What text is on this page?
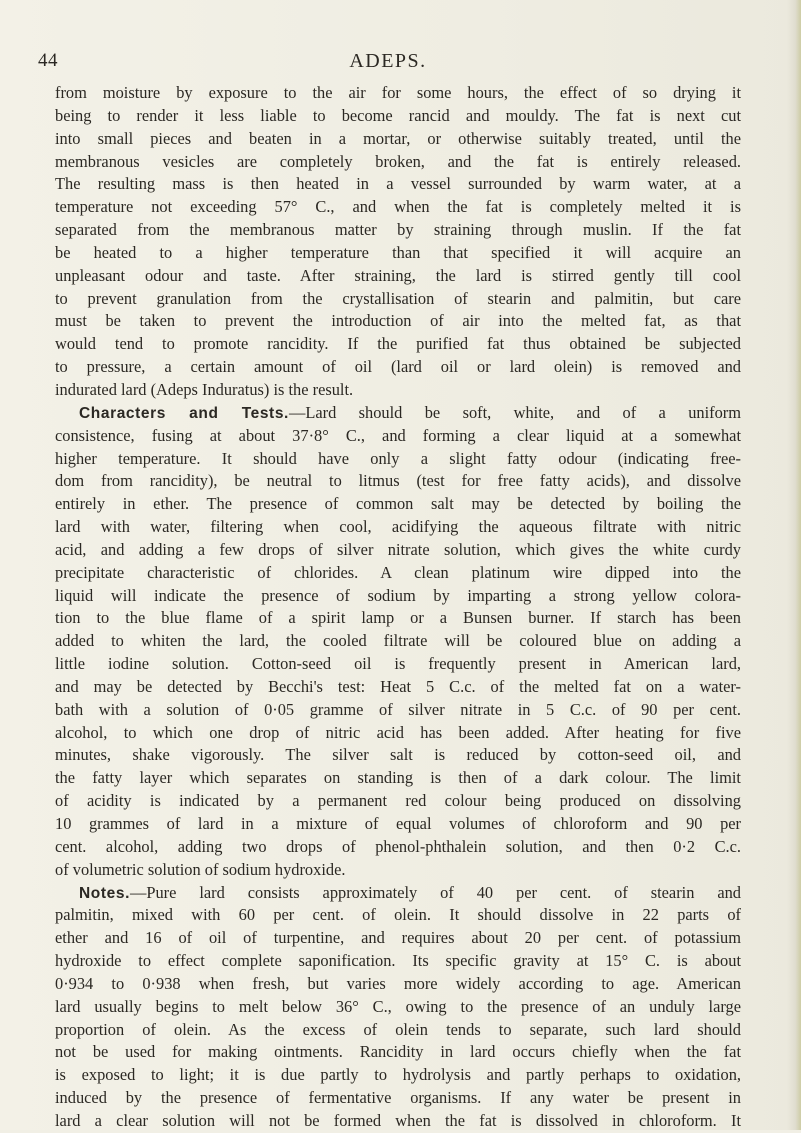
44	ADEPS.
from moisture by exposure to the air for some hours, the effect of so drying it
being to render it less liable to become rancid and mouldy. The fat is next cut
into small pieces and beaten in a mortar, or otherwise suitably treated, until the
membranous vesicles are completely broken, and the fat is entirely released.
The resulting mass is then heated in a vessel surrounded by warm water, at a
temperature not exceeding 57° C., and when the fat is completely melted it is
separated from the membranous matter by straining through muslin. If the fat
be heated to a higher temperature than that specified it will acquire an
unpleasant odour and taste. After straining, the lard is stirred gently till cool
to prevent granulation from the crystallisation of stearin and palmitin, but care
must be taken to prevent the introduction of air into the melted fat, as that
would tend to promote rancidity. If the purified fat thus obtained be subjected
to pressure, a certain amount of oil (lard oil or lard olein) is removed and
indurated lard (Adeps Induratus) is the result.
Characters and Tests.—Lard should be soft, white, and of a uniform
consistence, fusing at about 37·8° C., and forming a clear liquid at a somewhat
higher temperature. It should have only a slight fatty odour (indicating free-
dom from rancidity), be neutral to litmus (test for free fatty acids), and dissolve
entirely in ether. The presence of common salt may be detected by boiling the
lard with water, filtering when cool, acidifying the aqueous filtrate with nitric
acid, and adding a few drops of silver nitrate solution, which gives the white curdy
precipitate characteristic of chlorides. A clean platinum wire dipped into the
liquid will indicate the presence of sodium by imparting a strong yellow colora-
tion to the blue flame of a spirit lamp or a Bunsen burner. If starch has been
added to whiten the lard, the cooled filtrate will be coloured blue on adding a
little iodine solution. Cotton-seed oil is frequently present in American lard,
and may be detected by Becchi's test: Heat 5 C.c. of the melted fat on a water-
bath with a solution of 0·05 gramme of silver nitrate in 5 C.c. of 90 per cent.
alcohol, to which one drop of nitric acid has been added. After heating for five
minutes, shake vigorously. The silver salt is reduced by cotton-seed oil, and
the fatty layer which separates on standing is then of a dark colour. The limit
of acidity is indicated by a permanent red colour being produced on dissolving
10 grammes of lard in a mixture of equal volumes of chloroform and 90 per
cent. alcohol, adding two drops of phenol-phthalein solution, and then 0·2 C.c.
of volumetric solution of sodium hydroxide.
Notes.—Pure lard consists approximately of 40 per cent. of stearin and
palmitin, mixed with 60 per cent. of olein. It should dissolve in 22 parts of
ether and 16 of oil of turpentine, and requires about 20 per cent. of potassium
hydroxide to effect complete saponification. Its specific gravity at 15° C. is about
0·934 to 0·938 when fresh, but varies more widely according to age. American
lard usually begins to melt below 36° C., owing to the presence of an unduly large
proportion of olein. As the excess of olein tends to separate, such lard should
not be used for making ointments. Rancidity in lard occurs chiefly when the fat
is exposed to light; it is due partly to hydrolysis and partly perhaps to oxidation,
induced by the presence of fermentative organisms. If any water be present in
lard a clear solution will not be formed when the fat is dissolved in chloroform. It
